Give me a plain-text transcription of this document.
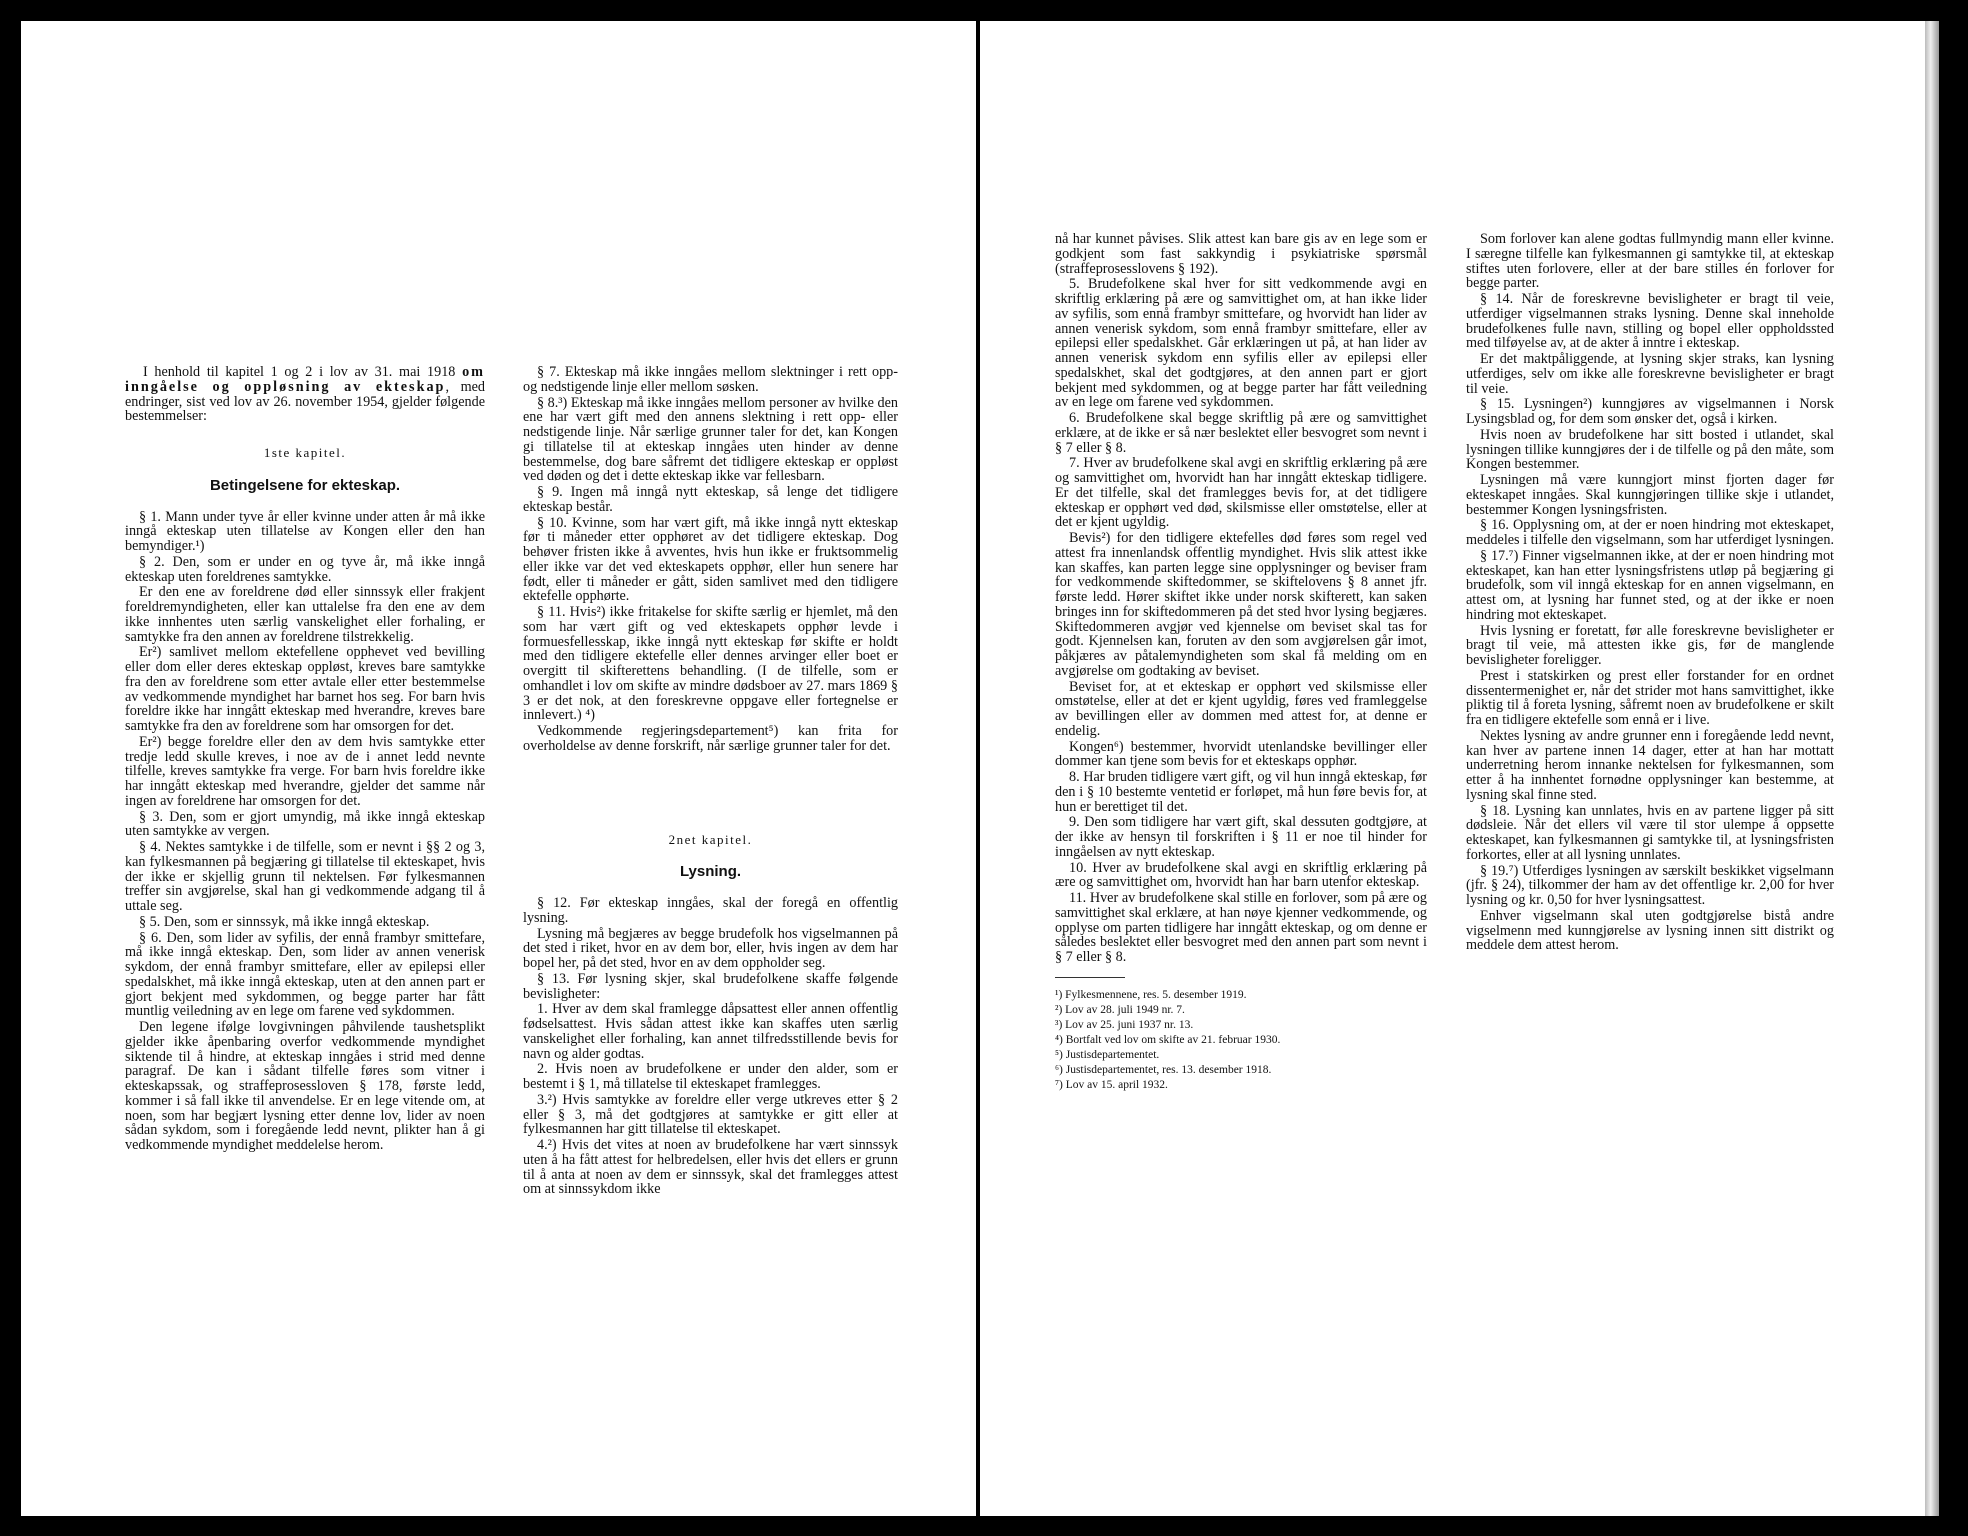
I henhold til kapitel 1 og 2 i lov av 31. mai 1918 om inngåelse og oppløsning av ekteskap, med endringer, sist ved lov av 26. november 1954, gjelder følgende bestemmelser:

1ste kapitel.

Betingelsene for ekteskap.

§ 1. Mann under tyve år eller kvinne under atten år må ikke inngå ekteskap uten tillatelse av Kongen eller den han bemyndiger.¹)

§ 2. Den, som er under en og tyve år, må ikke inngå ekteskap uten foreldrenes samtykke.

Er den ene av foreldrene død eller sinnssyk eller frakjent foreldremyndigheten, eller kan uttalelse fra den ene av dem ikke innhentes uten særlig vanskelighet eller forhaling, er samtykke fra den annen av foreldrene tilstrekkelig.

Er²) samlivet mellom ektefellene opphevet ved bevilling eller dom eller deres ekteskap oppløst, kreves bare samtykke fra den av foreldrene som etter avtale eller etter bestemmelse av vedkommende myndighet har barnet hos seg. For barn hvis foreldre ikke har inngått ekteskap med hverandre, kreves bare samtykke fra den av foreldrene som har omsorgen for det.

Er²) begge foreldre eller den av dem hvis samtykke etter tredje ledd skulle kreves, i noe av de i annet ledd nevnte tilfelle, kreves samtykke fra verge. For barn hvis foreldre ikke har inngått ekteskap med hverandre, gjelder det samme når ingen av foreldrene har omsorgen for det.

§ 3. Den, som er gjort umyndig, må ikke inngå ekteskap uten samtykke av vergen.

§ 4. Nektes samtykke i de tilfelle, som er nevnt i §§ 2 og 3, kan fylkesmannen på begjæring gi tillatelse til ekteskapet, hvis der ikke er skjellig grunn til nektelsen. Før fylkesmannen treffer sin avgjørelse, skal han gi vedkommende adgang til å uttale seg.

§ 5. Den, som er sinnssyk, må ikke inngå ekteskap.

§ 6. Den, som lider av syfilis, der ennå frambyr smittefare, må ikke inngå ekteskap. Den, som lider av annen venerisk sykdom, der ennå frambyr smittefare, eller av epilepsi eller spedalskhet, må ikke inngå ekteskap, uten at den annen part er gjort bekjent med sykdommen, og begge parter har fått muntlig veiledning av en lege om farene ved sykdommen.

Den legene ifølge lovgivningen påhvilende taushetsplikt gjelder ikke åpenbaring overfor vedkommende myndighet siktende til å hindre, at ekteskap inngåes i strid med denne paragraf. De kan i sådant tilfelle føres som vitner i ekteskapssak, og straffeprosessloven § 178, første ledd, kommer i så fall ikke til anvendelse. Er en lege vitende om, at noen, som har begjært lysning etter denne lov, lider av noen sådan sykdom, som i foregående ledd nevnt, plikter han å gi vedkommende myndighet meddelelse herom.

§ 7. Ekteskap må ikke inngåes mellom slektninger i rett opp- og nedstigende linje eller mellom søsken.

§ 8.³) Ekteskap må ikke inngåes mellom personer av hvilke den ene har vært gift med den annens slektning i rett opp- eller nedstigende linje. Når særlige grunner taler for det, kan Kongen gi tillatelse til at ekteskap inngåes uten hinder av denne bestemmelse, dog bare såfremt det tidligere ekteskap er oppløst ved døden og det i dette ekteskap ikke var fellesbarn.

§ 9. Ingen må inngå nytt ekteskap, så lenge det tidligere ekteskap består.

§ 10. Kvinne, som har vært gift, må ikke inngå nytt ekteskap før ti måneder etter opphøret av det tidligere ekteskap. Dog behøver fristen ikke å avventes, hvis hun ikke er fruktsommelig eller ikke var det ved ekteskapets opphør, eller hun senere har født, eller ti måneder er gått, siden samlivet med den tidligere ektefelle opphørte.

§ 11. Hvis²) ikke fritakelse for skifte særlig er hjemlet, må den som har vært gift og ved ekteskapets opphør levde i formuesfellesskap, ikke inngå nytt ekteskap før skifte er holdt med den tidligere ektefelle eller dennes arvinger eller boet er overgitt til skifterettens behandling. (I de tilfelle, som er omhandlet i lov om skifte av mindre dødsboer av 27. mars 1869 § 3 er det nok, at den foreskrevne oppgave eller fortegnelse er innlevert.) ⁴)

Vedkommende regjeringsdepartement⁵) kan frita for overholdelse av denne forskrift, når særlige grunner taler for det.

2net kapitel.

Lysning.

§ 12. Før ekteskap inngåes, skal der foregå en offentlig lysning.

Lysning må begjæres av begge brudefolk hos vigselmannen på det sted i riket, hvor en av dem bor, eller, hvis ingen av dem har bopel her, på det sted, hvor en av dem oppholder seg.

§ 13. Før lysning skjer, skal brudefolkene skaffe følgende bevisligheter:

1. Hver av dem skal framlegge dåpsattest eller annen offentlig fødselsattest. Hvis sådan attest ikke kan skaffes uten særlig vanskelighet eller forhaling, kan annet tilfredsstillende bevis for navn og alder godtas.

2. Hvis noen av brudefolkene er under den alder, som er bestemt i § 1, må tillatelse til ekteskapet framlegges.

3.²) Hvis samtykke av foreldre eller verge utkreves etter § 2 eller § 3, må det godtgjøres at samtykke er gitt eller at fylkesmannen har gitt tillatelse til ekteskapet.

4.²) Hvis det vites at noen av brudefolkene har vært sinnssyk uten å ha fått attest for helbredelsen, eller hvis det ellers er grunn til å anta at noen av dem er sinnssyk, skal det framlegges attest om at sinnssykdom ikke

nå har kunnet påvises. Slik attest kan bare gis av en lege som er godkjent som fast sakkyndig i psykiatriske spørsmål (straffeprosesslovens § 192).

5. Brudefolkene skal hver for sitt vedkommende avgi en skriftlig erklæring på ære og samvittighet om, at han ikke lider av syfilis, som ennå frambyr smittefare, og hvorvidt han lider av annen venerisk sykdom, som ennå frambyr smittefare, eller av epilepsi eller spedalskhet. Går erklæringen ut på, at han lider av annen venerisk sykdom enn syfilis eller av epilepsi eller spedalskhet, skal det godtgjøres, at den annen part er gjort bekjent med sykdommen, og at begge parter har fått veiledning av en lege om farene ved sykdommen.

6. Brudefolkene skal begge skriftlig på ære og samvittighet erklære, at de ikke er så nær beslektet eller besvogret som nevnt i § 7 eller § 8.

7. Hver av brudefolkene skal avgi en skriftlig erklæring på ære og samvittighet om, hvorvidt han har inngått ekteskap tidligere. Er det tilfelle, skal det framlegges bevis for, at det tidligere ekteskap er opphørt ved død, skilsmisse eller omstøtelse, eller at det er kjent ugyldig.

Bevis²) for den tidligere ektefelles død føres som regel ved attest fra innenlandsk offentlig myndighet. Hvis slik attest ikke kan skaffes, kan parten legge sine opplysninger og beviser fram for vedkommende skiftedommer, se skiftelovens § 8 annet jfr. første ledd. Hører skiftet ikke under norsk skifterett, kan saken bringes inn for skiftedommeren på det sted hvor lysing begjæres. Skiftedommeren avgjør ved kjennelse om beviset skal tas for godt. Kjennelsen kan, foruten av den som avgjørelsen går imot, påkjæres av påtalemyndigheten som skal få melding om en avgjørelse om godtaking av beviset.

Beviset for, at et ekteskap er opphørt ved skilsmisse eller omstøtelse, eller at det er kjent ugyldig, føres ved framleggelse av bevillingen eller av dommen med attest for, at denne er endelig.

Kongen⁶) bestemmer, hvorvidt utenlandske bevillinger eller dommer kan tjene som bevis for et ekteskaps opphør.

8. Har bruden tidligere vært gift, og vil hun inngå ekteskap, før den i § 10 bestemte ventetid er forløpet, må hun føre bevis for, at hun er berettiget til det.

9. Den som tidligere har vært gift, skal dessuten godtgjøre, at der ikke av hensyn til forskriften i § 11 er noe til hinder for inngåelsen av nytt ekteskap.

10. Hver av brudefolkene skal avgi en skriftlig erklæring på ære og samvittighet om, hvorvidt han har barn utenfor ekteskap.

11. Hver av brudefolkene skal stille en forlover, som på ære og samvittighet skal erklære, at han nøye kjenner vedkommende, og opplyse om parten tidligere har inngått ekteskap, og om denne er således beslektet eller besvogret med den annen part som nevnt i § 7 eller § 8.

¹) Fylkesmennene, res. 5. desember 1919.
²) Lov av 28. juli 1949 nr. 7.
³) Lov av 25. juni 1937 nr. 13.
⁴) Bortfalt ved lov om skifte av 21. februar 1930.
⁵) Justisdepartementet.
⁶) Justisdepartementet, res. 13. desember 1918.
⁷) Lov av 15. april 1932.

Som forlover kan alene godtas fullmyndig mann eller kvinne. I særegne tilfelle kan fylkesmannen gi samtykke til, at ekteskap stiftes uten forlovere, eller at der bare stilles én forlover for begge parter.

§ 14. Når de foreskrevne bevisligheter er bragt til veie, utferdiger vigselmannen straks lysning. Denne skal inneholde brudefolkenes fulle navn, stilling og bopel eller oppholdssted med tilføyelse av, at de akter å inntre i ekteskap.

Er det maktpåliggende, at lysning skjer straks, kan lysning utferdiges, selv om ikke alle foreskrevne bevisligheter er bragt til veie.

§ 15. Lysningen²) kunngjøres av vigselmannen i Norsk Lysingsblad og, for dem som ønsker det, også i kirken.

Hvis noen av brudefolkene har sitt bosted i utlandet, skal lysningen tillike kunngjøres der i de tilfelle og på den måte, som Kongen bestemmer.

Lysningen må være kunngjort minst fjorten dager før ekteskapet inngåes. Skal kunngjøringen tillike skje i utlandet, bestemmer Kongen lysningsfristen.

§ 16. Opplysning om, at der er noen hindring mot ekteskapet, meddeles i tilfelle den vigselmann, som har utferdiget lysningen.

§ 17.⁷) Finner vigselmannen ikke, at der er noen hindring mot ekteskapet, kan han etter lysningsfristens utløp på begjæring gi brudefolk, som vil inngå ekteskap for en annen vigselmann, en attest om, at lysning har funnet sted, og at der ikke er noen hindring mot ekteskapet.

Hvis lysning er foretatt, før alle foreskrevne bevisligheter er bragt til veie, må attesten ikke gis, før de manglende bevisligheter foreligger.

Prest i statskirken og prest eller forstander for en ordnet dissentermenighet er, når det strider mot hans samvittighet, ikke pliktig til å foreta lysning, såfremt noen av brudefolkene er skilt fra en tidligere ektefelle som ennå er i live.

Nektes lysning av andre grunner enn i foregående ledd nevnt, kan hver av partene innen 14 dager, etter at han har mottatt underretning herom innanke nektelsen for fylkesmannen, som etter å ha innhentet fornødne opplysninger kan bestemme, at lysning skal finne sted.

§ 18. Lysning kan unnlates, hvis en av partene ligger på sitt dødsleie. Når det ellers vil være til stor ulempe å oppsette ekteskapet, kan fylkesmannen gi samtykke til, at lysningsfristen forkortes, eller at all lysning unnlates.

§ 19.⁷) Utferdiges lysningen av særskilt beskikket vigselmann (jfr. § 24), tilkommer der ham av det offentlige kr. 2,00 for hver lysning og kr. 0,50 for hver lysningsattest.

Enhver vigselmann skal uten godtgjørelse bistå andre vigselmenn med kunngjørelse av lysning innen sitt distrikt og meddele dem attest herom.
